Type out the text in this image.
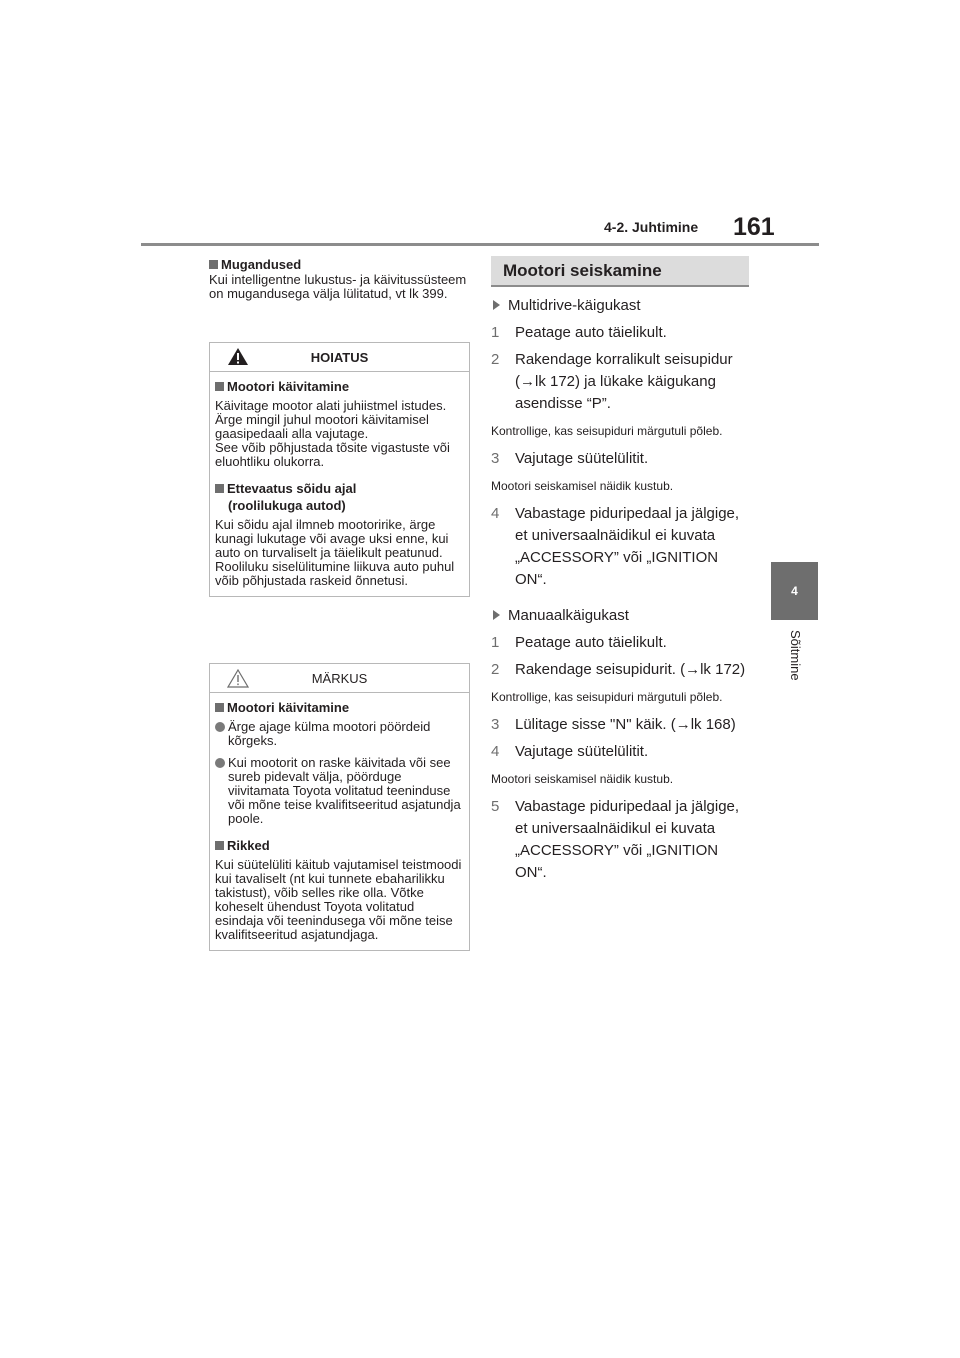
4-2. Juhtimine 161
4
Sõitmine
Mugandused
Kui intelligentne lukustus- ja käivitussüsteem on mugandusega välja lülitatud, vt lk 399.
HOIATUS
Mootori käivitamine
Käivitage mootor alati juhiistmel istudes. Ärge mingil juhul mootori käivitamisel gaasipedaali alla vajutage.
See võib põhjustada tõsite vigastuste või eluohtliku olukorra.
Ettevaatus sõidu ajal
(roolilukuga autod)
Kui sõidu ajal ilmneb mootoririke, ärge kunagi lukutage või avage uksi enne, kui auto on turvaliselt ja täielikult peatunud. Rooliluku siselülitumine liikuva auto puhul võib põhjustada raskeid õnnetusi.
MÄRKUS
Mootori käivitamine
Ärge ajage külma mootori pöördeid kõrgeks.
Kui mootorit on raske käivitada või see sureb pidevalt välja, pöörduge viivitamata Toyota volitatud teeninduse või mõne teise kvalifitseeritud asjatundja poole.
Rikked
Kui süütelüliti käitub vajutamisel teistmoodi kui tavaliselt (nt kui tunnete ebaharilikku takistust), võib selles rike olla. Võtke koheselt ühendust Toyota volitatud esindaja või teenindusega või mõne teise kvalifitseeritud asjatundjaga.
Mootori seiskamine
Multidrive-käigukast
1	Peatage auto täielikult.
2	Rakendage korralikult seisupidur (→lk 172) ja lükake käigukang asendisse “P”.
Kontrollige, kas seisupiduri märgutuli põleb.
3	Vajutage süütelülitit.
Mootori seiskamisel näidik kustub.
4	Vabastage piduripedaal ja jälgige, et universaalnäidikul ei kuvata „ACCESSORY” või „IGNITION ON“.
Manuaalkäigukast
1	Peatage auto täielikult.
2	Rakendage seisupidurit. (→lk 172)
Kontrollige, kas seisupiduri märgutuli põleb.
3	Lülitage sisse "N" käik. (→lk 168)
4	Vajutage süütelülitit.
Mootori seiskamisel näidik kustub.
5	Vabastage piduripedaal ja jälgige, et universaalnäidikul ei kuvata „ACCESSORY” või „IGNITION ON“.
